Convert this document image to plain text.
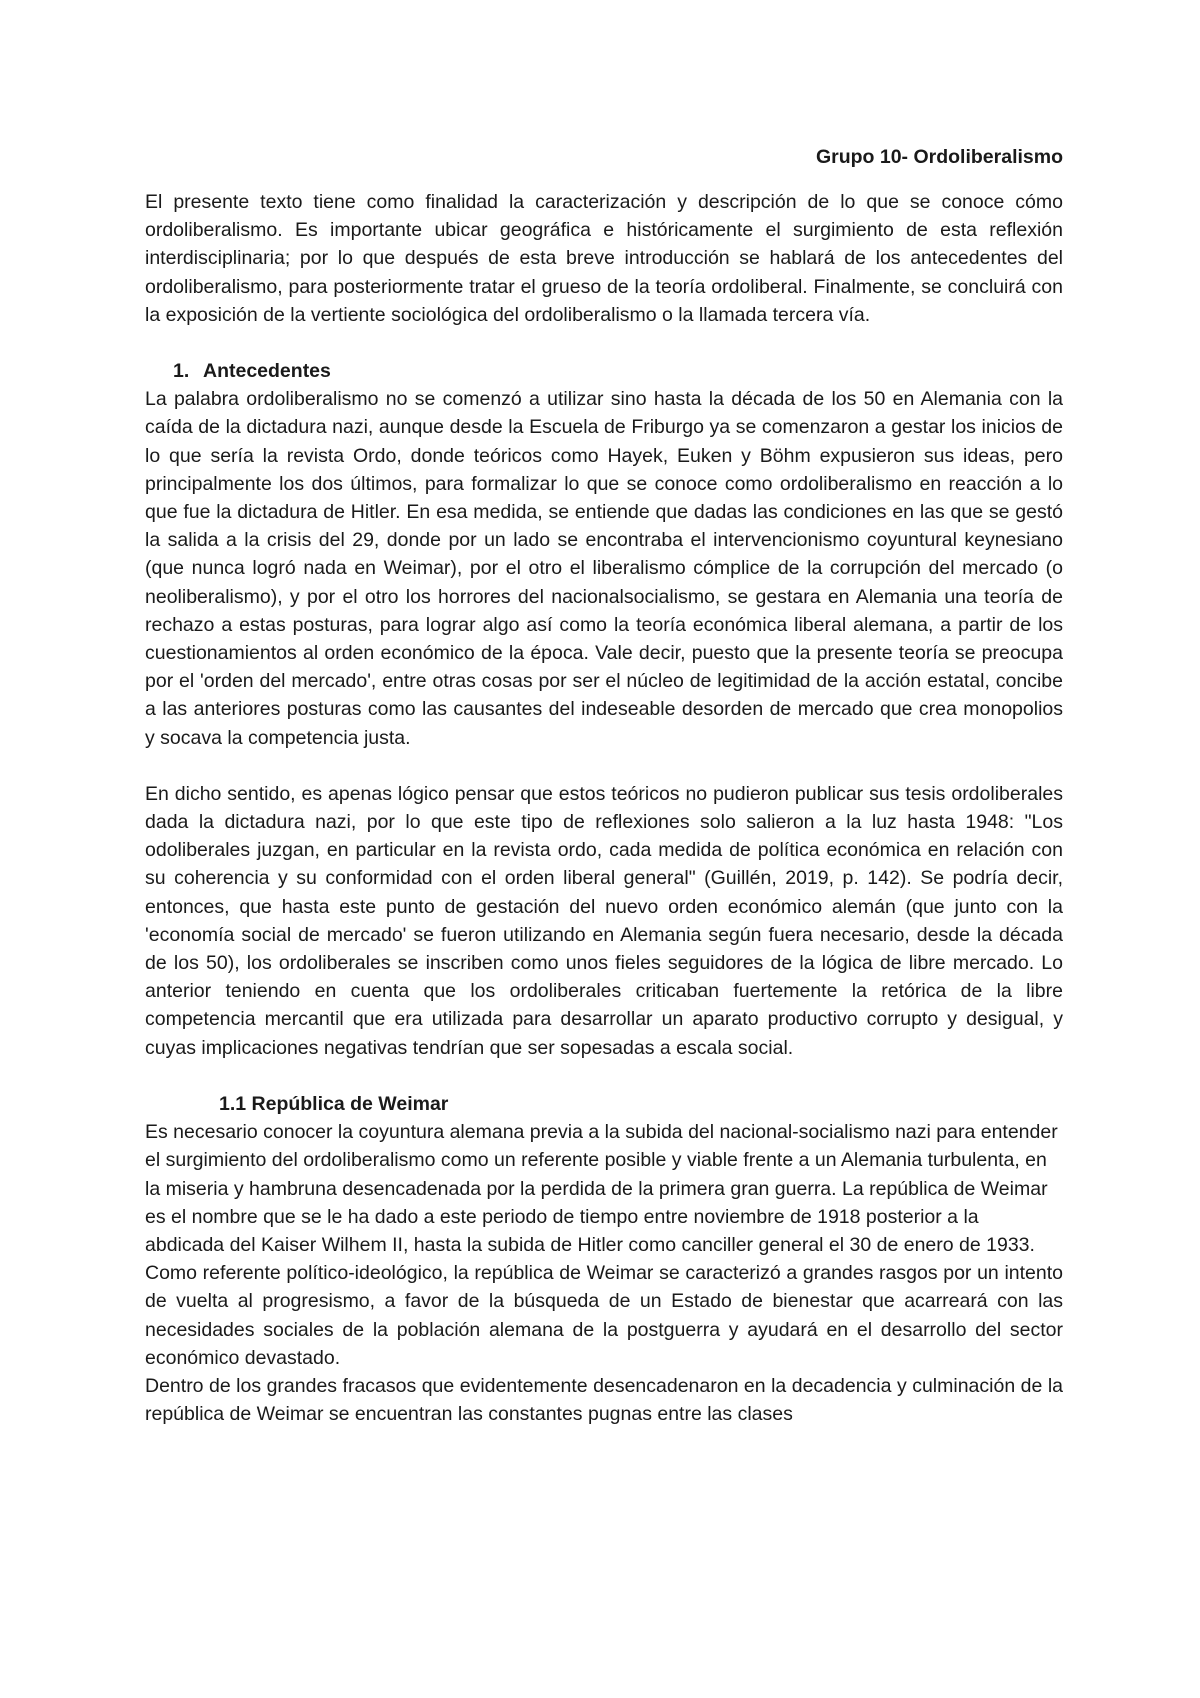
Grupo 10- Ordoliberalismo

El presente texto tiene como finalidad la caracterización y descripción de lo que se conoce cómo ordoliberalismo. Es importante ubicar geográfica e históricamente el surgimiento de esta reflexión interdisciplinaria; por lo que después de esta breve introducción se hablará de los antecedentes del ordoliberalismo, para posteriormente tratar el grueso de la teoría ordoliberal. Finalmente, se concluirá con la exposición de la vertiente sociológica del ordoliberalismo o la llamada tercera vía.

1. Antecedentes

La palabra ordoliberalismo no se comenzó a utilizar sino hasta la década de los 50 en Alemania con la caída de la dictadura nazi, aunque desde la Escuela de Friburgo ya se comenzaron a gestar los inicios de lo que sería la revista Ordo, donde teóricos como Hayek, Euken y Böhm expusieron sus ideas, pero principalmente los dos últimos, para formalizar lo que se conoce como ordoliberalismo en reacción a lo que fue la dictadura de Hitler. En esa medida, se entiende que dadas las condiciones en las que se gestó la salida a la crisis del 29, donde por un lado se encontraba el intervencionismo coyuntural keynesiano (que nunca logró nada en Weimar), por el otro el liberalismo cómplice de la corrupción del mercado (o neoliberalismo), y por el otro los horrores del nacionalsocialismo, se gestara en Alemania una teoría de rechazo a estas posturas, para lograr algo así como la teoría económica liberal alemana, a partir de los cuestionamientos al orden económico de la época. Vale decir, puesto que la presente teoría se preocupa por el 'orden del mercado', entre otras cosas por ser el núcleo de legitimidad de la acción estatal, concibe a las anteriores posturas como las causantes del indeseable desorden de mercado que crea monopolios y socava la competencia justa.

En dicho sentido, es apenas lógico pensar que estos teóricos no pudieron publicar sus tesis ordoliberales dada la dictadura nazi, por lo que este tipo de reflexiones solo salieron a la luz hasta 1948: "Los odoliberales juzgan, en particular en la revista ordo, cada medida de política económica en relación con su coherencia y su conformidad con el orden liberal general" (Guillén, 2019, p. 142). Se podría decir, entonces, que hasta este punto de gestación del nuevo orden económico alemán (que junto con la 'economía social de mercado' se fueron utilizando en Alemania según fuera necesario, desde la década de los 50), los ordoliberales se inscriben como unos fieles seguidores de la lógica de libre mercado. Lo anterior teniendo en cuenta que los ordoliberales criticaban fuertemente la retórica de la libre competencia mercantil que era utilizada para desarrollar un aparato productivo corrupto y desigual, y cuyas implicaciones negativas tendrían que ser sopesadas a escala social.

1.1 República de Weimar

Es necesario conocer la coyuntura alemana previa a la subida del nacional-socialismo nazi para entender el surgimiento del ordoliberalismo como un referente posible y viable frente a un Alemania turbulenta, en la miseria y hambruna desencadenada por la perdida de la primera gran guerra. La república de Weimar es el nombre que se le ha dado a este periodo de tiempo entre noviembre de 1918 posterior a la abdicada del Kaiser Wilhem II, hasta la subida de Hitler como canciller general el 30 de enero de 1933.

Como referente político-ideológico, la república de Weimar se caracterizó a grandes rasgos por un intento de vuelta al progresismo, a favor de la búsqueda de un Estado de bienestar que acarreará con las necesidades sociales de la población alemana de la postguerra y ayudará en el desarrollo del sector económico devastado.

Dentro de los grandes fracasos que evidentemente desencadenaron en la decadencia y culminación de la república de Weimar se encuentran las constantes pugnas entre las clases
